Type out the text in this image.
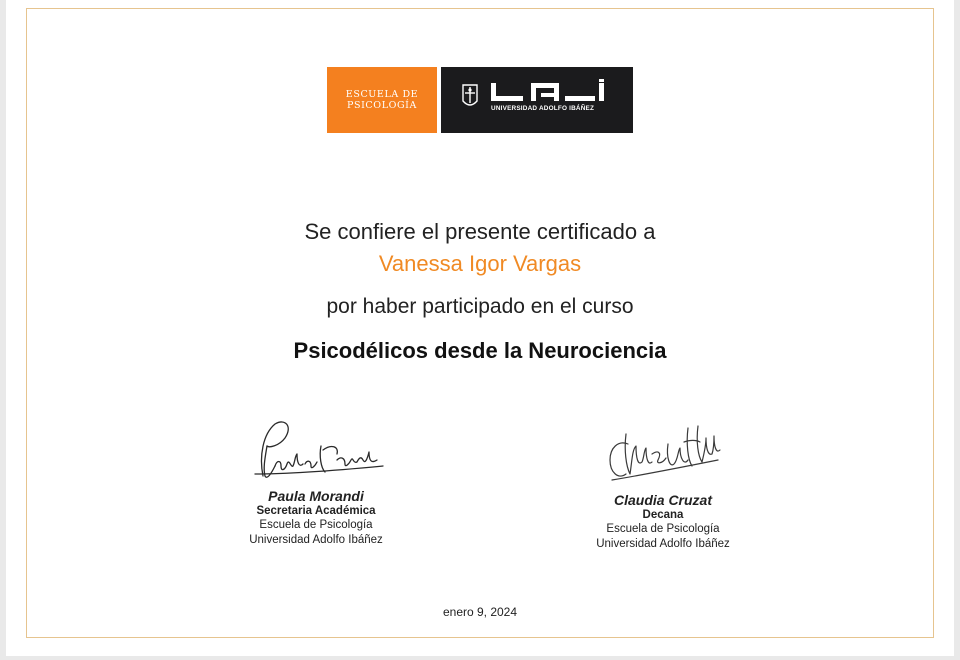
ESCUELA DE
PSICOLOGÍA	UNIVERSIDAD ADOLFO IBÁÑEZ
Se confiere el presente certificado a
Vanessa Igor Vargas
por haber participado en el curso
Psicodélicos desde la Neurociencia
Paula Morandi
Secretaria Académica
Escuela de Psicología
Universidad Adolfo Ibáñez
Claudia Cruzat
Decana
Escuela de Psicología
Universidad Adolfo Ibáñez
enero 9, 2024
